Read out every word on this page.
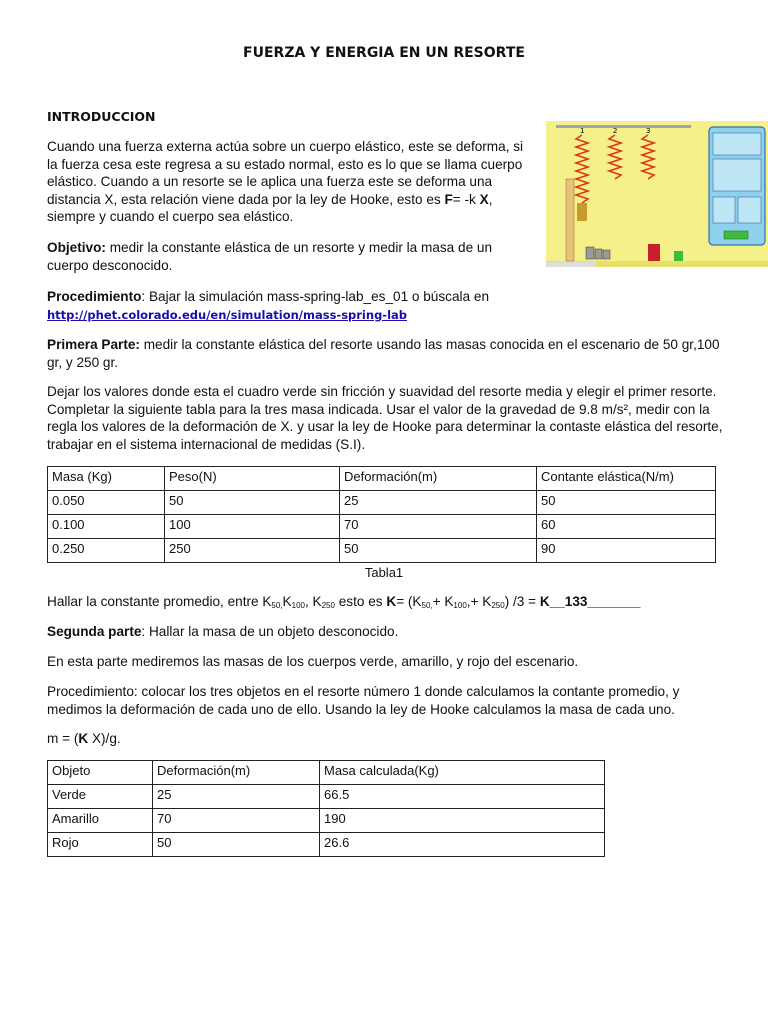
FUERZA Y ENERGIA EN UN RESORTE
INTRODUCCION
Cuando una fuerza externa actúa sobre un cuerpo elástico, este se deforma, si la fuerza cesa este regresa a su estado normal, esto es lo que se llama cuerpo elástico. Cuando a un resorte se le aplica una fuerza este se deforma una distancia X, esta relación viene dada por la ley de Hooke, esto es F= -k X, siempre y cuando el cuerpo sea elástico.
1	2	3
Objetivo: medir la constante elástica de un resorte y medir la masa de un cuerpo desconocido.
Procedimiento: Bajar la simulación mass-spring-lab_es_01 o búscala en
http://phet.colorado.edu/en/simulation/mass-spring-lab
Primera Parte: medir la constante elástica del resorte usando las masas conocida en el escenario de 50 gr,100 gr, y 250 gr.
Dejar los valores donde esta el cuadro verde sin fricción y suavidad del resorte media y elegir el primer resorte. Completar la siguiente tabla para la tres masa indicada. Usar el valor de la gravedad de 9.8 m/s², medir con la regla los valores de la deformación de X. y usar la ley de Hooke para determinar la contaste elástica del resorte, trabajar en el sistema internacional de medidas (S.I).
Masa (Kg)	Peso(N)	Deformación(m)	Contante elástica(N/m)
0.050	50	25	50
0.100	100	70	60
0.250	250	50	90
Tabla1
Hallar la constante promedio, entre $K_{50,}K_{100}$, $K_{250}$ esto es $K= (K_{50,}+ K_{100},+ K_{250}) /3$ = K__133_______
Segunda parte: Hallar la masa de un objeto desconocido.
En esta parte mediremos las masas de los cuerpos verde, amarillo, y rojo del escenario.
Procedimiento: colocar los tres objetos en el resorte número 1 donde calculamos la contante promedio, y medimos la deformación de cada uno de ello. Usando la ley de Hooke calculamos la masa de cada uno.
m = (K X)/g.
Objeto	Deformación(m)	Masa calculada(Kg)
Verde	25	66.5
Amarillo	70	190
Rojo	50	26.6
